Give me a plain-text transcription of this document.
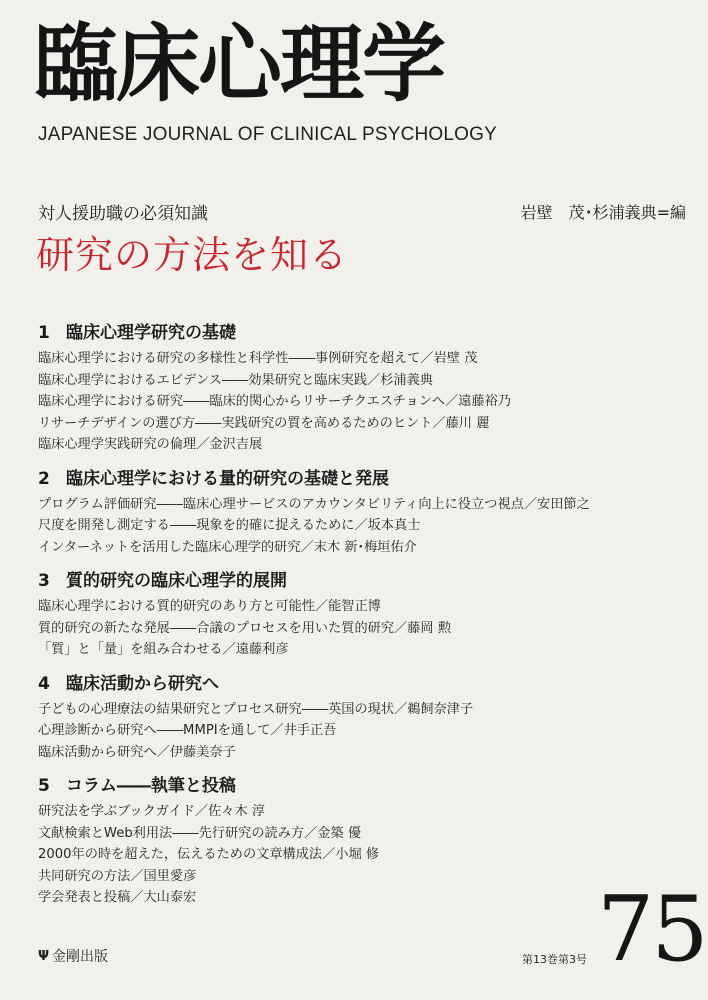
臨床心理学
JAPANESE JOURNAL OF CLINICAL PSYCHOLOGY
対人援助職の必須知識
研究の方法を知る
岩壁　茂･杉浦義典=編
1 臨床心理学研究の基礎
臨床心理学における研究の多様性と科学性――事例研究を超えて／岩壁 茂
臨床心理学におけるエビデンス――効果研究と臨床実践／杉浦義典
臨床心理学における研究――臨床的関心からリサーチクエスチョンへ／遠藤裕乃
リサーチデザインの選び方――実践研究の質を高めるためのヒント／藤川 麗
臨床心理学実践研究の倫理／金沢吉展
2 臨床心理学における量的研究の基礎と発展
プログラム評価研究――臨床心理サービスのアカウンタビリティ向上に役立つ視点／安田節之
尺度を開発し測定する――現象を的確に捉えるために／坂本真士
インターネットを活用した臨床心理学的研究／末木 新･梅垣佑介
3 質的研究の臨床心理学的展開
臨床心理学における質的研究のあり方と可能性／能智正博
質的研究の新たな発展――合議のプロセスを用いた質的研究／藤岡 勲
「質」と「量」を組み合わせる／遠藤利彦
4 臨床活動から研究へ
子どもの心理療法の結果研究とプロセス研究――英国の現状／鵜飼奈津子
心理診断から研究へ――MMPIを通して／井手正吾
臨床活動から研究へ／伊藤美奈子
5 コラム――執筆と投稿
研究法を学ぶブックガイド／佐々木 淳
文献検索とWeb利用法――先行研究の読み方／金築 優
2000年の時を超えた，伝えるための文章構成法／小堀 修
共同研究の方法／国里愛彦
学会発表と投稿／大山泰宏
Ψ 金剛出版	第13巻第3号 75
